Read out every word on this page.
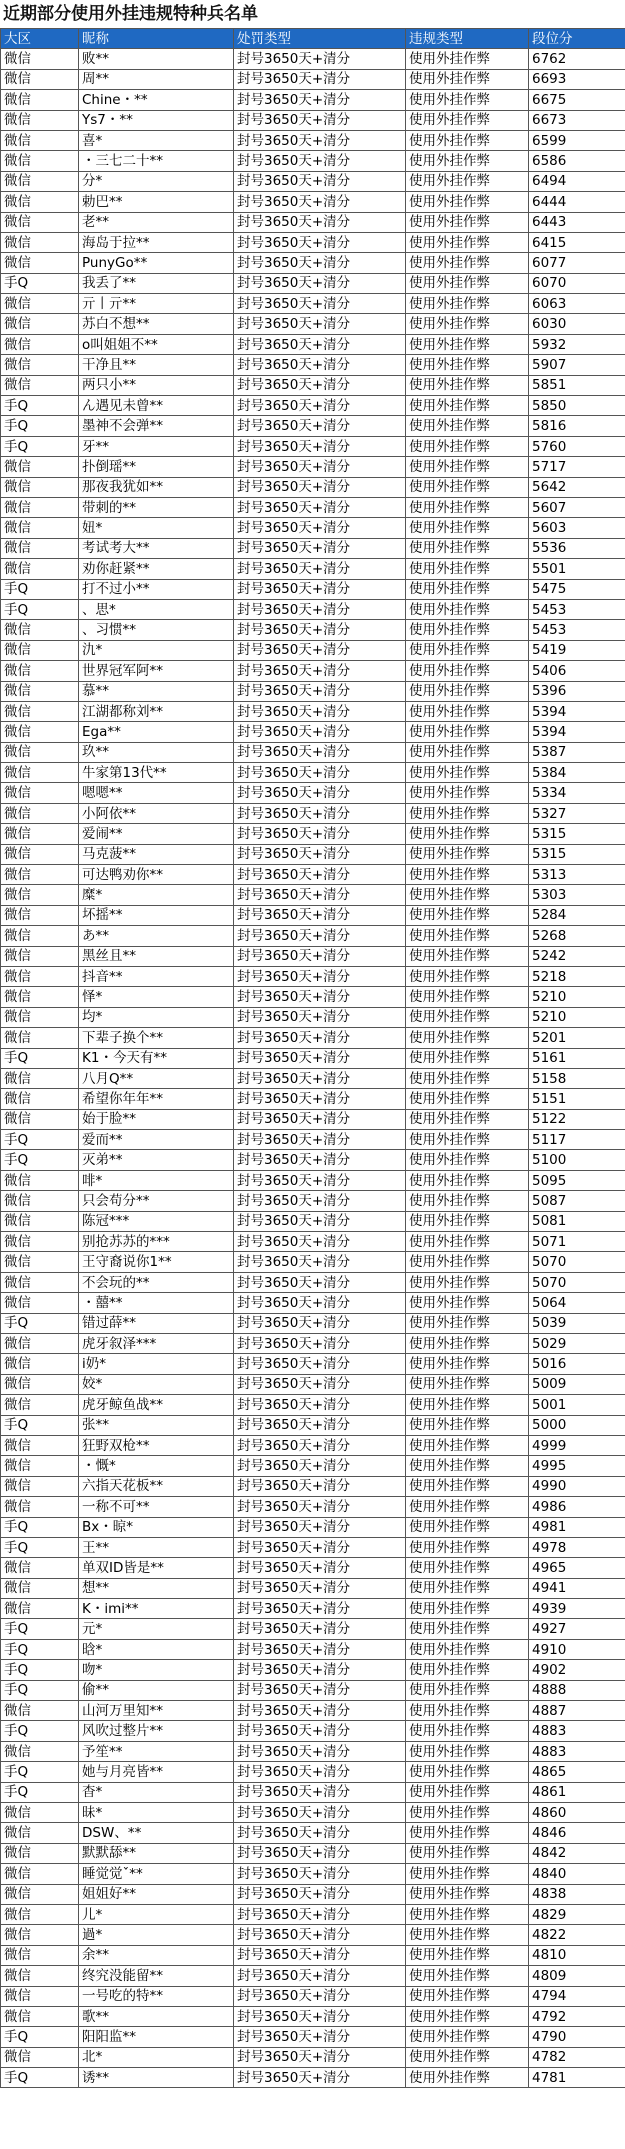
近期部分使用外挂违规特种兵名单
大区	昵称	处罚类型	违规类型	段位分
微信	败**	封号3650天+清分	使用外挂作弊	6762
微信	周**	封号3650天+清分	使用外挂作弊	6693
微信	Chine・**	封号3650天+清分	使用外挂作弊	6675
微信	Ys7・**	封号3650天+清分	使用外挂作弊	6673
微信	喜*	封号3650天+清分	使用外挂作弊	6599
微信	・三七二十**	封号3650天+清分	使用外挂作弊	6586
微信	分*	封号3650天+清分	使用外挂作弊	6494
微信	勅巴**	封号3650天+清分	使用外挂作弊	6444
微信	老**	封号3650天+清分	使用外挂作弊	6443
微信	海岛于拉**	封号3650天+清分	使用外挂作弊	6415
微信	PunyGo**	封号3650天+清分	使用外挂作弊	6077
手Q	我丢了**	封号3650天+清分	使用外挂作弊	6070
微信	亓丨亓**	封号3650天+清分	使用外挂作弊	6063
微信	苏白不想**	封号3650天+清分	使用外挂作弊	6030
微信	o叫姐姐不**	封号3650天+清分	使用外挂作弊	5932
微信	干净且**	封号3650天+清分	使用外挂作弊	5907
微信	两只小**	封号3650天+清分	使用外挂作弊	5851
手Q	ん遇见未曾**	封号3650天+清分	使用外挂作弊	5850
手Q	墨神不会弹**	封号3650天+清分	使用外挂作弊	5816
手Q	牙**	封号3650天+清分	使用外挂作弊	5760
微信	扑倒瑶**	封号3650天+清分	使用外挂作弊	5717
微信	那夜我犹如**	封号3650天+清分	使用外挂作弊	5642
微信	带刺的**	封号3650天+清分	使用外挂作弊	5607
微信	妞*	封号3650天+清分	使用外挂作弊	5603
微信	考试考大**	封号3650天+清分	使用外挂作弊	5536
微信	劝你赶紧**	封号3650天+清分	使用外挂作弊	5501
手Q	打不过小**	封号3650天+清分	使用外挂作弊	5475
手Q	、思*	封号3650天+清分	使用外挂作弊	5453
微信	、习惯**	封号3650天+清分	使用外挂作弊	5453
微信	氿*	封号3650天+清分	使用外挂作弊	5419
微信	世界冠军阿**	封号3650天+清分	使用外挂作弊	5406
微信	慕**	封号3650天+清分	使用外挂作弊	5396
微信	江湖都称刘**	封号3650天+清分	使用外挂作弊	5394
微信	Ega**	封号3650天+清分	使用外挂作弊	5394
微信	玖**	封号3650天+清分	使用外挂作弊	5387
微信	牛家第13代**	封号3650天+清分	使用外挂作弊	5384
微信	嗯嗯**	封号3650天+清分	使用外挂作弊	5334
微信	小阿依**	封号3650天+清分	使用外挂作弊	5327
微信	爱闹**	封号3650天+清分	使用外挂作弊	5315
微信	马克菠**	封号3650天+清分	使用外挂作弊	5315
微信	可达鸭劝你**	封号3650天+清分	使用外挂作弊	5313
微信	糜*	封号3650天+清分	使用外挂作弊	5303
微信	坏摇**	封号3650天+清分	使用外挂作弊	5284
微信	あ**	封号3650天+清分	使用外挂作弊	5268
微信	黑丝且**	封号3650天+清分	使用外挂作弊	5242
微信	抖音**	封号3650天+清分	使用外挂作弊	5218
微信	怿*	封号3650天+清分	使用外挂作弊	5210
微信	均*	封号3650天+清分	使用外挂作弊	5210
微信	下辈子换个**	封号3650天+清分	使用外挂作弊	5201
手Q	K1・今天有**	封号3650天+清分	使用外挂作弊	5161
微信	八月Q**	封号3650天+清分	使用外挂作弊	5158
微信	希望你年年**	封号3650天+清分	使用外挂作弊	5151
微信	始于脸**	封号3650天+清分	使用外挂作弊	5122
手Q	爱而**	封号3650天+清分	使用外挂作弊	5117
手Q	灭弟**	封号3650天+清分	使用外挂作弊	5100
微信	啡*	封号3650天+清分	使用外挂作弊	5095
微信	只会苟分**	封号3650天+清分	使用外挂作弊	5087
微信	陈冠***	封号3650天+清分	使用外挂作弊	5081
微信	别抢苏苏的***	封号3650天+清分	使用外挂作弊	5071
微信	王守裔说你1**	封号3650天+清分	使用外挂作弊	5070
微信	不会玩的**	封号3650天+清分	使用外挂作弊	5070
微信	・囍**	封号3650天+清分	使用外挂作弊	5064
手Q	错过薛**	封号3650天+清分	使用外挂作弊	5039
微信	虎牙叙泽***	封号3650天+清分	使用外挂作弊	5029
微信	i奶*	封号3650天+清分	使用外挂作弊	5016
微信	姣*	封号3650天+清分	使用外挂作弊	5009
微信	虎牙鲸鱼战**	封号3650天+清分	使用外挂作弊	5001
手Q	张**	封号3650天+清分	使用外挂作弊	5000
微信	狂野双枪**	封号3650天+清分	使用外挂作弊	4999
微信	・慨*	封号3650天+清分	使用外挂作弊	4995
微信	六指天花板**	封号3650天+清分	使用外挂作弊	4990
微信	一称不可**	封号3650天+清分	使用外挂作弊	4986
手Q	Bx・晾*	封号3650天+清分	使用外挂作弊	4981
手Q	王**	封号3650天+清分	使用外挂作弊	4978
微信	单双ID皆是**	封号3650天+清分	使用外挂作弊	4965
微信	想**	封号3650天+清分	使用外挂作弊	4941
微信	K・imi**	封号3650天+清分	使用外挂作弊	4939
手Q	元*	封号3650天+清分	使用外挂作弊	4927
手Q	晗*	封号3650天+清分	使用外挂作弊	4910
手Q	吻*	封号3650天+清分	使用外挂作弊	4902
手Q	偷**	封号3650天+清分	使用外挂作弊	4888
微信	山河万里知**	封号3650天+清分	使用外挂作弊	4887
手Q	风吹过整片**	封号3650天+清分	使用外挂作弊	4883
微信	予笙**	封号3650天+清分	使用外挂作弊	4883
手Q	她与月亮皆**	封号3650天+清分	使用外挂作弊	4865
手Q	杳*	封号3650天+清分	使用外挂作弊	4861
微信	昧*	封号3650天+清分	使用外挂作弊	4860
微信	DSW、**	封号3650天+清分	使用外挂作弊	4846
微信	默默舔**	封号3650天+清分	使用外挂作弊	4842
微信	睡觉觉ˇ**	封号3650天+清分	使用外挂作弊	4840
微信	姐姐好**	封号3650天+清分	使用外挂作弊	4838
微信	儿*	封号3650天+清分	使用外挂作弊	4829
微信	過*	封号3650天+清分	使用外挂作弊	4822
微信	余**	封号3650天+清分	使用外挂作弊	4810
微信	终究没能留**	封号3650天+清分	使用外挂作弊	4809
微信	一号吃的特**	封号3650天+清分	使用外挂作弊	4794
微信	歌**	封号3650天+清分	使用外挂作弊	4792
手Q	阳阳监**	封号3650天+清分	使用外挂作弊	4790
微信	北*	封号3650天+清分	使用外挂作弊	4782
手Q	诱**	封号3650天+清分	使用外挂作弊	4781
